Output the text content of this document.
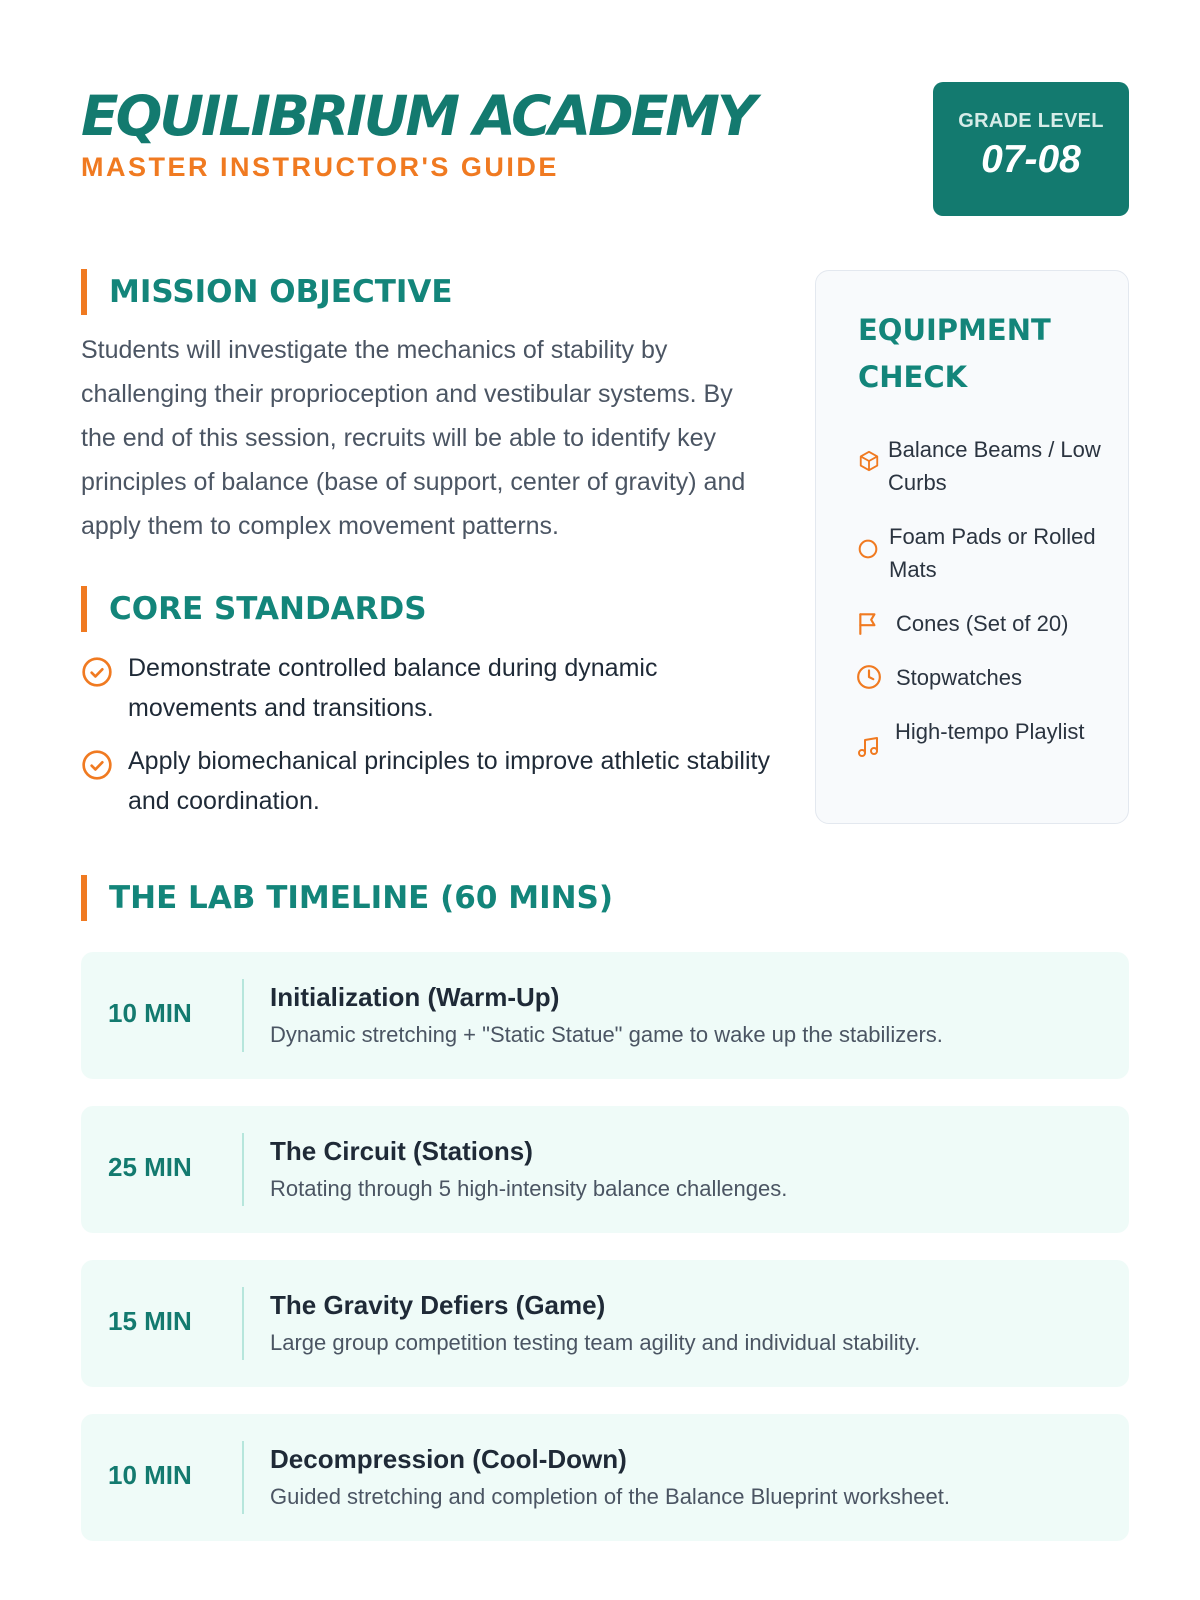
EQUILIBRIUM ACADEMY
MASTER INSTRUCTOR'S GUIDE
GRADE LEVEL
07-08
MISSION OBJECTIVE

Students will investigate the mechanics of stability by challenging their proprioception and vestibular systems. By the end of this session, recruits will be able to identify key principles of balance (base of support, center of gravity) and apply them to complex movement patterns.

CORE STANDARDS
Demonstrate controlled balance during dynamic movements and transitions.
Apply biomechanical principles to improve athletic stability and coordination.
EQUIPMENT CHECK
Balance Beams / Low Curbs
Foam Pads or Rolled Mats
Cones (Set of 20)
Stopwatches
High-tempo Playlist
THE LAB TIMELINE (60 MINS)
10 MIN
Initialization (Warm-Up)
Dynamic stretching + "Static Statue" game to wake up the stabilizers.
25 MIN
The Circuit (Stations)
Rotating through 5 high-intensity balance challenges.
15 MIN
The Gravity Defiers (Game)
Large group competition testing team agility and individual stability.
10 MIN
Decompression (Cool-Down)
Guided stretching and completion of the Balance Blueprint worksheet.
